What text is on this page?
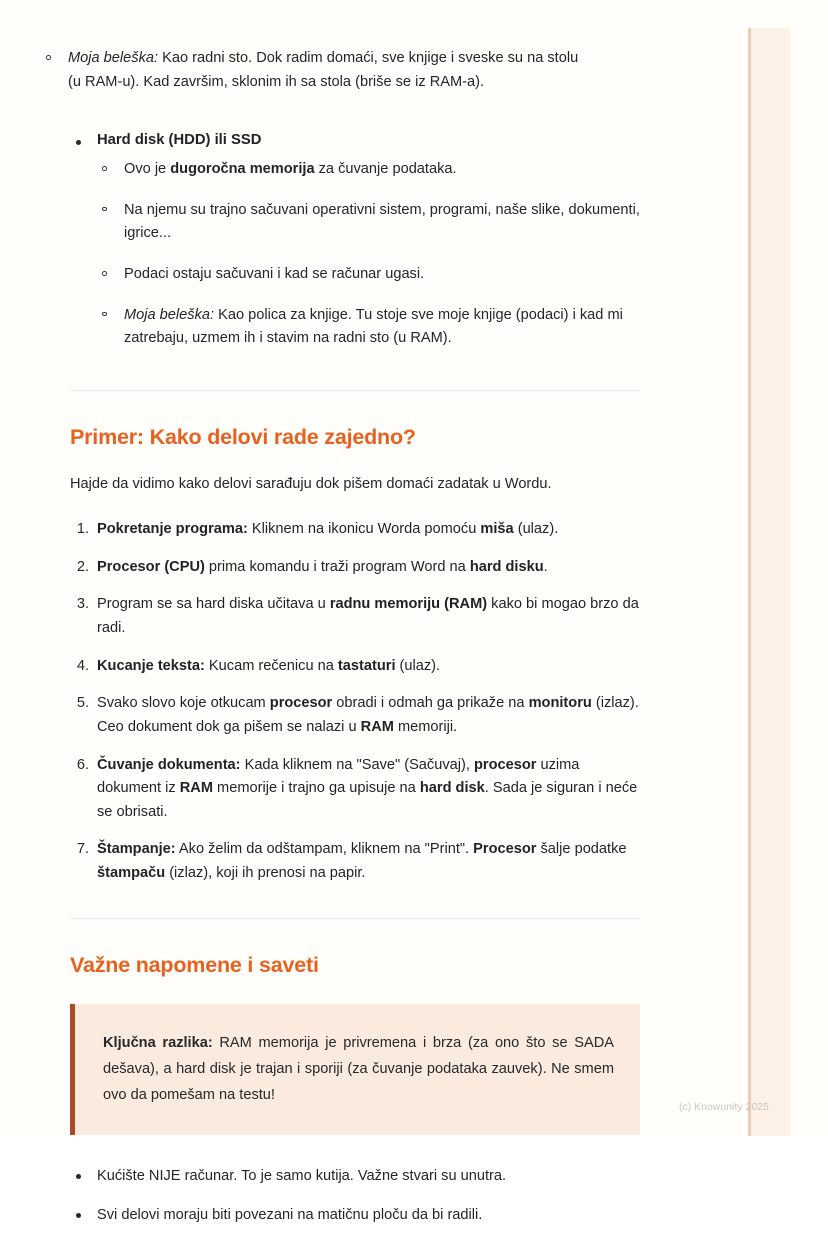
Moja beleška: Kao radni sto. Dok radim domaći, sve knjige i sveske su na stolu (u RAM-u). Kad završim, sklonim ih sa stola (briše se iz RAM-a).
Hard disk (HDD) ili SSD
Ovo je dugoročna memorija za čuvanje podataka.
Na njemu su trajno sačuvani operativni sistem, programi, naše slike, dokumenti, igrice...
Podaci ostaju sačuvani i kad se računar ugasi.
Moja beleška: Kao polica za knjige. Tu stoje sve moje knjige (podaci) i kad mi zatrebaju, uzmem ih i stavim na radni sto (u RAM).
Primer: Kako delovi rade zajedno?

Hajde da vidimo kako delovi sarađuju dok pišem domaći zadatak u Wordu.

Pokretanje programa: Kliknem na ikonicu Worda pomoću miša (ulaz).
Procesor (CPU) prima komandu i traži program Word na hard disku.
Program se sa hard diska učitava u radnu memoriju (RAM) kako bi mogao brzo da radi.
Kucanje teksta: Kucam rečenicu na tastaturi (ulaz).
Svako slovo koje otkucam procesor obradi i odmah ga prikaže na monitoru (izlaz). Ceo dokument dok ga pišem se nalazi u RAM memoriji.
Čuvanje dokumenta: Kada kliknem na "Save" (Sačuvaj), procesor uzima dokument iz RAM memorije i trajno ga upisuje na hard disk. Sada je siguran i neće se obrisati.
Štampanje: Ako želim da odštampam, kliknem na "Print". Procesor šalje podatke štampaču (izlaz), koji ih prenosi na papir.
Važne napomene i saveti
Ključna razlika: RAM memorija je privremena i brza (za ono što se SADA dešava), a hard disk je trajan i sporiji (za čuvanje podataka zauvek). Ne smem ovo da pomešam na testu!
Kućište NIJE računar. To je samo kutija. Važne stvari su unutra.
Svi delovi moraju biti povezani na matičnu ploču da bi radili.
(c) Knowunity 2025
